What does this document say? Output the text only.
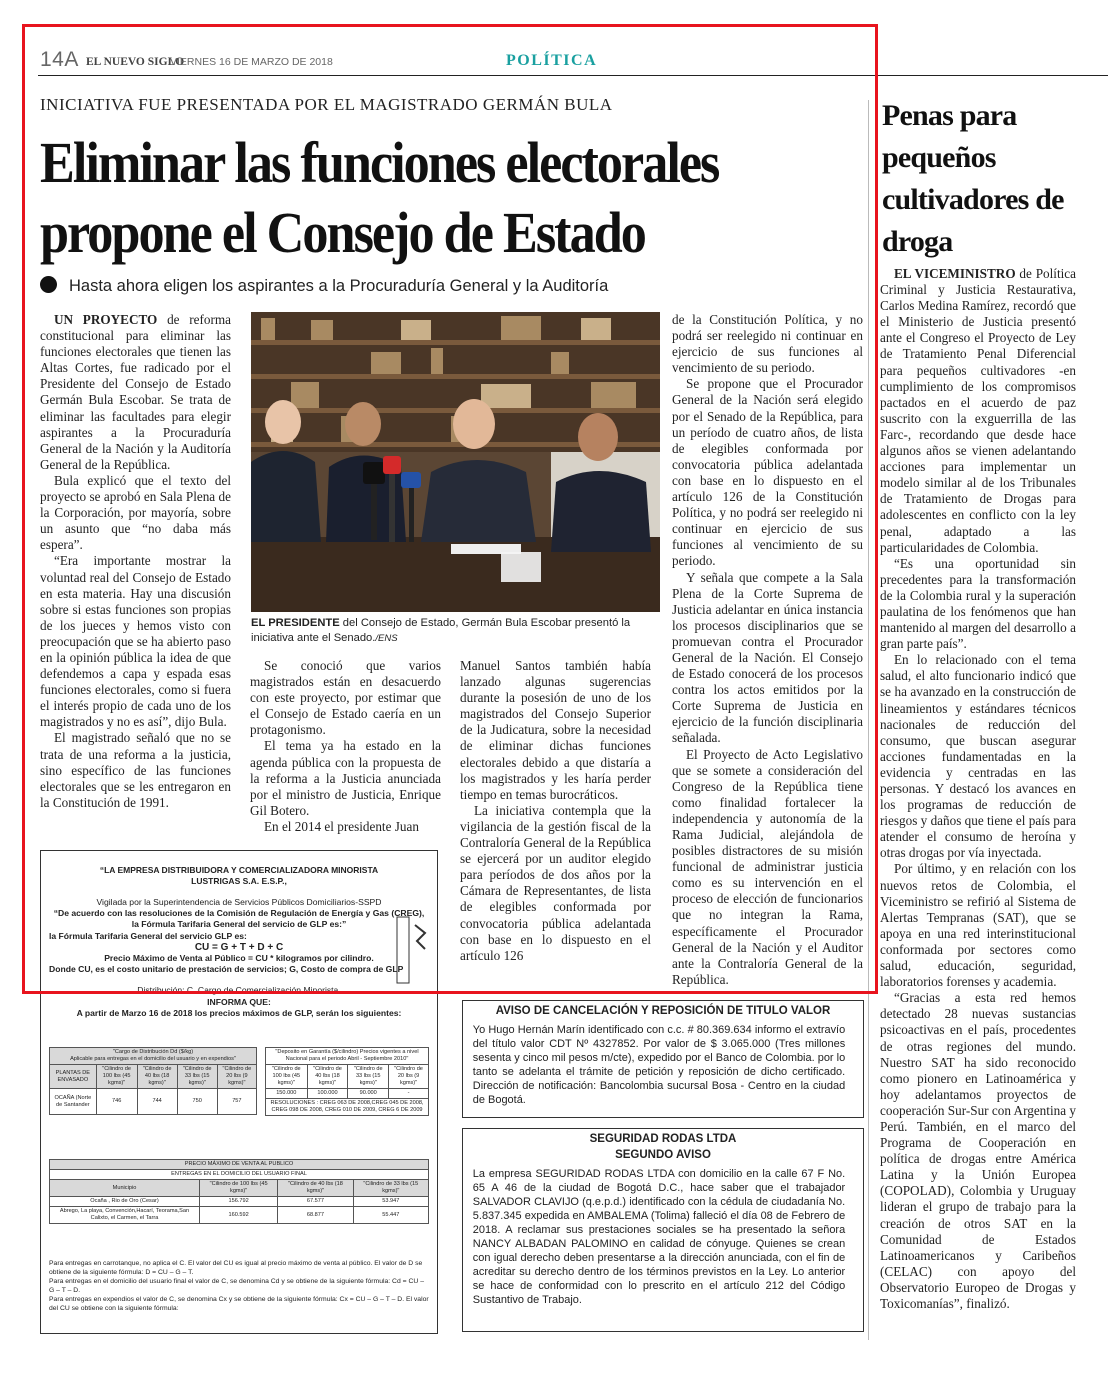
14A EL NUEVO SIGLO
VIERNES 16 DE MARZO DE 2018	POLÍTICA
INICIATIVA FUE PRESENTADA POR EL MAGISTRADO GERMÁN BULA
Eliminar las funciones electorales propone el Consejo de Estado
Hasta ahora eligen los aspirantes a la Procuraduría General y la Auditoría

UN PROYECTO de reforma constitucional para eliminar las funciones electorales que tienen las Altas Cortes, fue radicado por el Presidente del Consejo de Estado Germán Bula Escobar. Se trata de eliminar las facultades para elegir aspirantes a la Procuraduría General de la Nación y la Auditoría General de la República.

Bula explicó que el texto del proyecto se aprobó en Sala Plena de la Corporación, por mayoría, sobre un asunto que “no daba más espera”.

“Era importante mostrar la voluntad real del Consejo de Estado en esta materia. Hay una discusión sobre si estas funciones son propias de los jueces y hemos visto con preocupación que se ha abierto paso en la opinión pública la idea de que defendemos a capa y espada esas funciones electorales, como si fuera el interés propio de cada uno de los magistrados y no es así”, dijo Bula.

El magistrado señaló que no se trata de una reforma a la justicia, sino específico de las funciones electorales que se les entregaron en la Constitución de 1991.

EL PRESIDENTE del Consejo de Estado, Germán Bula Escobar presentó la iniciativa ante el Senado./ENS

Se conoció que varios magistrados están en desacuerdo con este proyecto, por estimar que el Consejo de Estado caería en un protagonismo.

El tema ya ha estado en la agenda pública con la propuesta de la reforma a la Justicia anunciada por el ministro de Justicia, Enrique Gil Botero.

En el 2014 el presidente Juan

Manuel Santos también había lanzado algunas sugerencias durante la posesión de uno de los magistrados del Consejo Superior de la Judicatura, sobre la necesidad de eliminar dichas funciones electorales debido a que distaría a los magistrados y les haría perder tiempo en temas burocráticos.

La iniciativa contempla que la vigilancia de la gestión fiscal de la Contraloría General de la República se ejercerá por un auditor elegido para períodos de dos años por la Cámara de Representantes, de lista de elegibles conformada por convocatoria pública adelantada con base en lo dispuesto en el artículo 126

de la Constitución Política, y no podrá ser reelegido ni continuar en ejercicio de sus funciones al vencimiento de su periodo.

Se propone que el Procurador General de la Nación será elegido por el Senado de la República, para un período de cuatro años, de lista de elegibles conformada por convocatoria pública adelantada con base en lo dispuesto en el artículo 126 de la Constitución Política, y no podrá ser reelegido ni continuar en ejercicio de sus funciones al vencimiento de su periodo.

Y señala que compete a la Sala Plena de la Corte Suprema de Justicia adelantar en única instancia los procesos disciplinarios que se promuevan contra el Procurador General de la Nación. El Consejo de Estado conocerá de los procesos contra los actos emitidos por la Corte Suprema de Justicia en ejercicio de la función disciplinaria señalada.

El Proyecto de Acto Legislativo que se somete a consideración del Congreso de la República tiene como finalidad fortalecer la independencia y autonomía de la Rama Judicial, alejándola de posibles distractores de su misión funcional de administrar justicia como es su intervención en el proceso de elección de funcionarios que no integran la Rama, específicamente el Procurador General de la Nación y el Auditor ante la Contraloría General de la República.

Penas para pequeños cultivadores de droga

EL VICEMINISTRO de Política Criminal y Justicia Restaurativa, Carlos Medina Ramírez, recordó que el Ministerio de Justicia presentó ante el Congreso el Proyecto de Ley de Tratamiento Penal Diferencial para pequeños cultivadores -en cumplimiento de los compromisos pactados en el acuerdo de paz suscrito con la exguerrilla de las Farc-, recordando que desde hace algunos años se vienen adelantando acciones para implementar un modelo similar al de los Tribunales de Tratamiento de Drogas para adolescentes en conflicto con la ley penal, adaptado a las particularidades de Colombia.

“Es una oportunidad sin precedentes para la transformación de la Colombia rural y la superación paulatina de los fenómenos que han mantenido al margen del desarrollo a gran parte país”.

En lo relacionado con el tema salud, el alto funcionario indicó que se ha avanzado en la construcción de lineamientos y estándares técnicos nacionales de reducción del consumo, que buscan asegurar acciones fundamentadas en la evidencia y centradas en las personas. Y destacó los avances en los programas de reducción de riesgos y daños que tiene el país para atender el consumo de heroína y otras drogas por vía inyectada.

Por último, y en relación con los nuevos retos de Colombia, el Viceministro se refirió al Sistema de Alertas Tempranas (SAT), que se apoya en una red interinstitucional conformada por sectores como salud, educación, seguridad, laboratorios forenses y academia.

“Gracias a esta red hemos detectado 28 nuevas sustancias psicoactivas en el país, procedentes de otras regiones del mundo. Nuestro SAT ha sido reconocido como pionero en Latinoamérica y hoy adelantamos proyectos de cooperación Sur-Sur con Argentina y Perú. También, en el marco del Programa de Cooperación en política de drogas entre América Latina y la Unión Europea (COPOLAD), Colombia y Uruguay lideran el grupo de trabajo para la creación de otros SAT en la Comunidad de Estados Latinoamericanos y Caribeños (CELAC) con apoyo del Observatorio Europeo de Drogas y Toxicomanías”, finalizó.

“LA EMPRESA DISTRIBUIDORA Y COMERCIALIZADORA MINORISTA
LUSTRIGAS S.A. E.S.P.,
Vigilada por la Superintendencia de Servicios Públicos Domiciliarios-SSPD
“De acuerdo con las resoluciones de la Comisión de Regulación de Energía y Gas (CREG),
la Fórmula Tarifaria General del servicio de GLP es:”
la Fórmula Tarifaria General del servicio GLP es:
CU = G + T + D + C
Precio Máximo de Venta al Público = CU * kilogramos por cilindro.
Donde CU, es el costo unitario de prestación de servicios; G, Costo de compra de GLP
Distribución; C, Cargo de Comercialización Minorista.
INFORMA QUE:
A partir de Marzo 16 de 2018 los precios máximos de GLP, serán los siguientes:
"Cargo de Distribución Dd ($/kg)
Aplicable para entregas en el domicilio del usuario y en expendios"				
PLANTAS DE ENVASADO	"Cilindro de 100 lbs (45 kgms)"	"Cilindro de 40 lbs (18 kgms)"	"Cilindro de 33 lbs (15 kgms)"	"Cilindro de 20 lbs (9 kgms)"
OCAÑA (Norte de Santander	746	744	750	757
"Deposito en Garantía ($/cilindro) Precios vigentes a nivel Nacional para el periodo Abril - Septiembre 2010"			
"Cilindro de 100 lbs (45 kgms)"	"Cilindro de 40 lbs (18 kgms)"	"Cilindro de 33 lbs (15 kgms)"	"Cilindro de 20 lbs (9 kgms)"
150.000	100.000	90.000	-
RESOLUCIONES : CREG 063 DE 2008,CREG 045 DE 2008, CREG 098 DE 2008, CREG 010 DE 2009, CREG 6 DE 2009			
PRECIO MÁXIMO DE VENTA AL PUBLICO			
ENTREGAS EN EL DOMICILIO DEL USUARIO FINAL			
Municipio	"Cilindro de 100 lbs (45 kgms)"	"Cilindro de 40 lbs (18 kgms)"	"Cilindro de 33 lbs (15 kgms)"
Ocaña , Rio de Oro (Cesar)	156.792	67.577	53.947
Abrego, La playa, Convención,Hacarí, Teorama,San Calixto, el Carmen, el Tarra	160.592	68.877	55.447
Para entregas en carrotanque, no aplica el C. El valor del CU es igual al precio máximo de venta al público. El valor de D se obtiene de la siguiente fórmula: D = CU – G – T.
Para entregas en el domicilio del usuario final el valor de C, se denomina Cd y se obtiene de la siguiente fórmula: Cd = CU – G – T – D.
Para entregas en expendios el valor de C, se denomina Cx y se obtiene de la siguiente fórmula: Cx = CU – G – T – D. El valor del CU se obtiene con la siguiente fórmula:
AVISO DE CANCELACIÓN Y REPOSICIÓN DE TITULO VALOR
Yo Hugo Hernán Marín identificado con c.c. # 80.369.634 informo el extravío del título valor CDT Nº 4327852. Por valor de $ 3.065.000 (Tres millones sesenta y cinco mil pesos m/cte), expedido por el Banco de Colombia. por lo tanto se adelanta el trámite de petición y reposición de dicho certificado. Dirección de notificación: Bancolombia sucursal Bosa - Centro en la ciudad de Bogotá.
SEGURIDAD RODAS LTDA
SEGUNDO AVISO
La empresa SEGURIDAD RODAS LTDA con domicilio en la calle 67 F No. 65 A 46 de la ciudad de Bogotá D.C., hace saber que el trabajador SALVADOR CLAVIJO (q.e.p.d.) identificado con la cédula de ciudadanía No. 5.837.345 expedida en AMBALEMA (Tolima) falleció el día 08 de Febrero de 2018. A reclamar sus prestaciones sociales se ha presentado la señora NANCY ALBADAN PALOMINO en calidad de cónyuge. Quienes se crean con igual derecho deben presentarse a la dirección anunciada, con el fin de acreditar su derecho dentro de los términos previstos en la Ley. Lo anterior se hace de conformidad con lo prescrito en el artículo 212 del Código Sustantivo de Trabajo.
